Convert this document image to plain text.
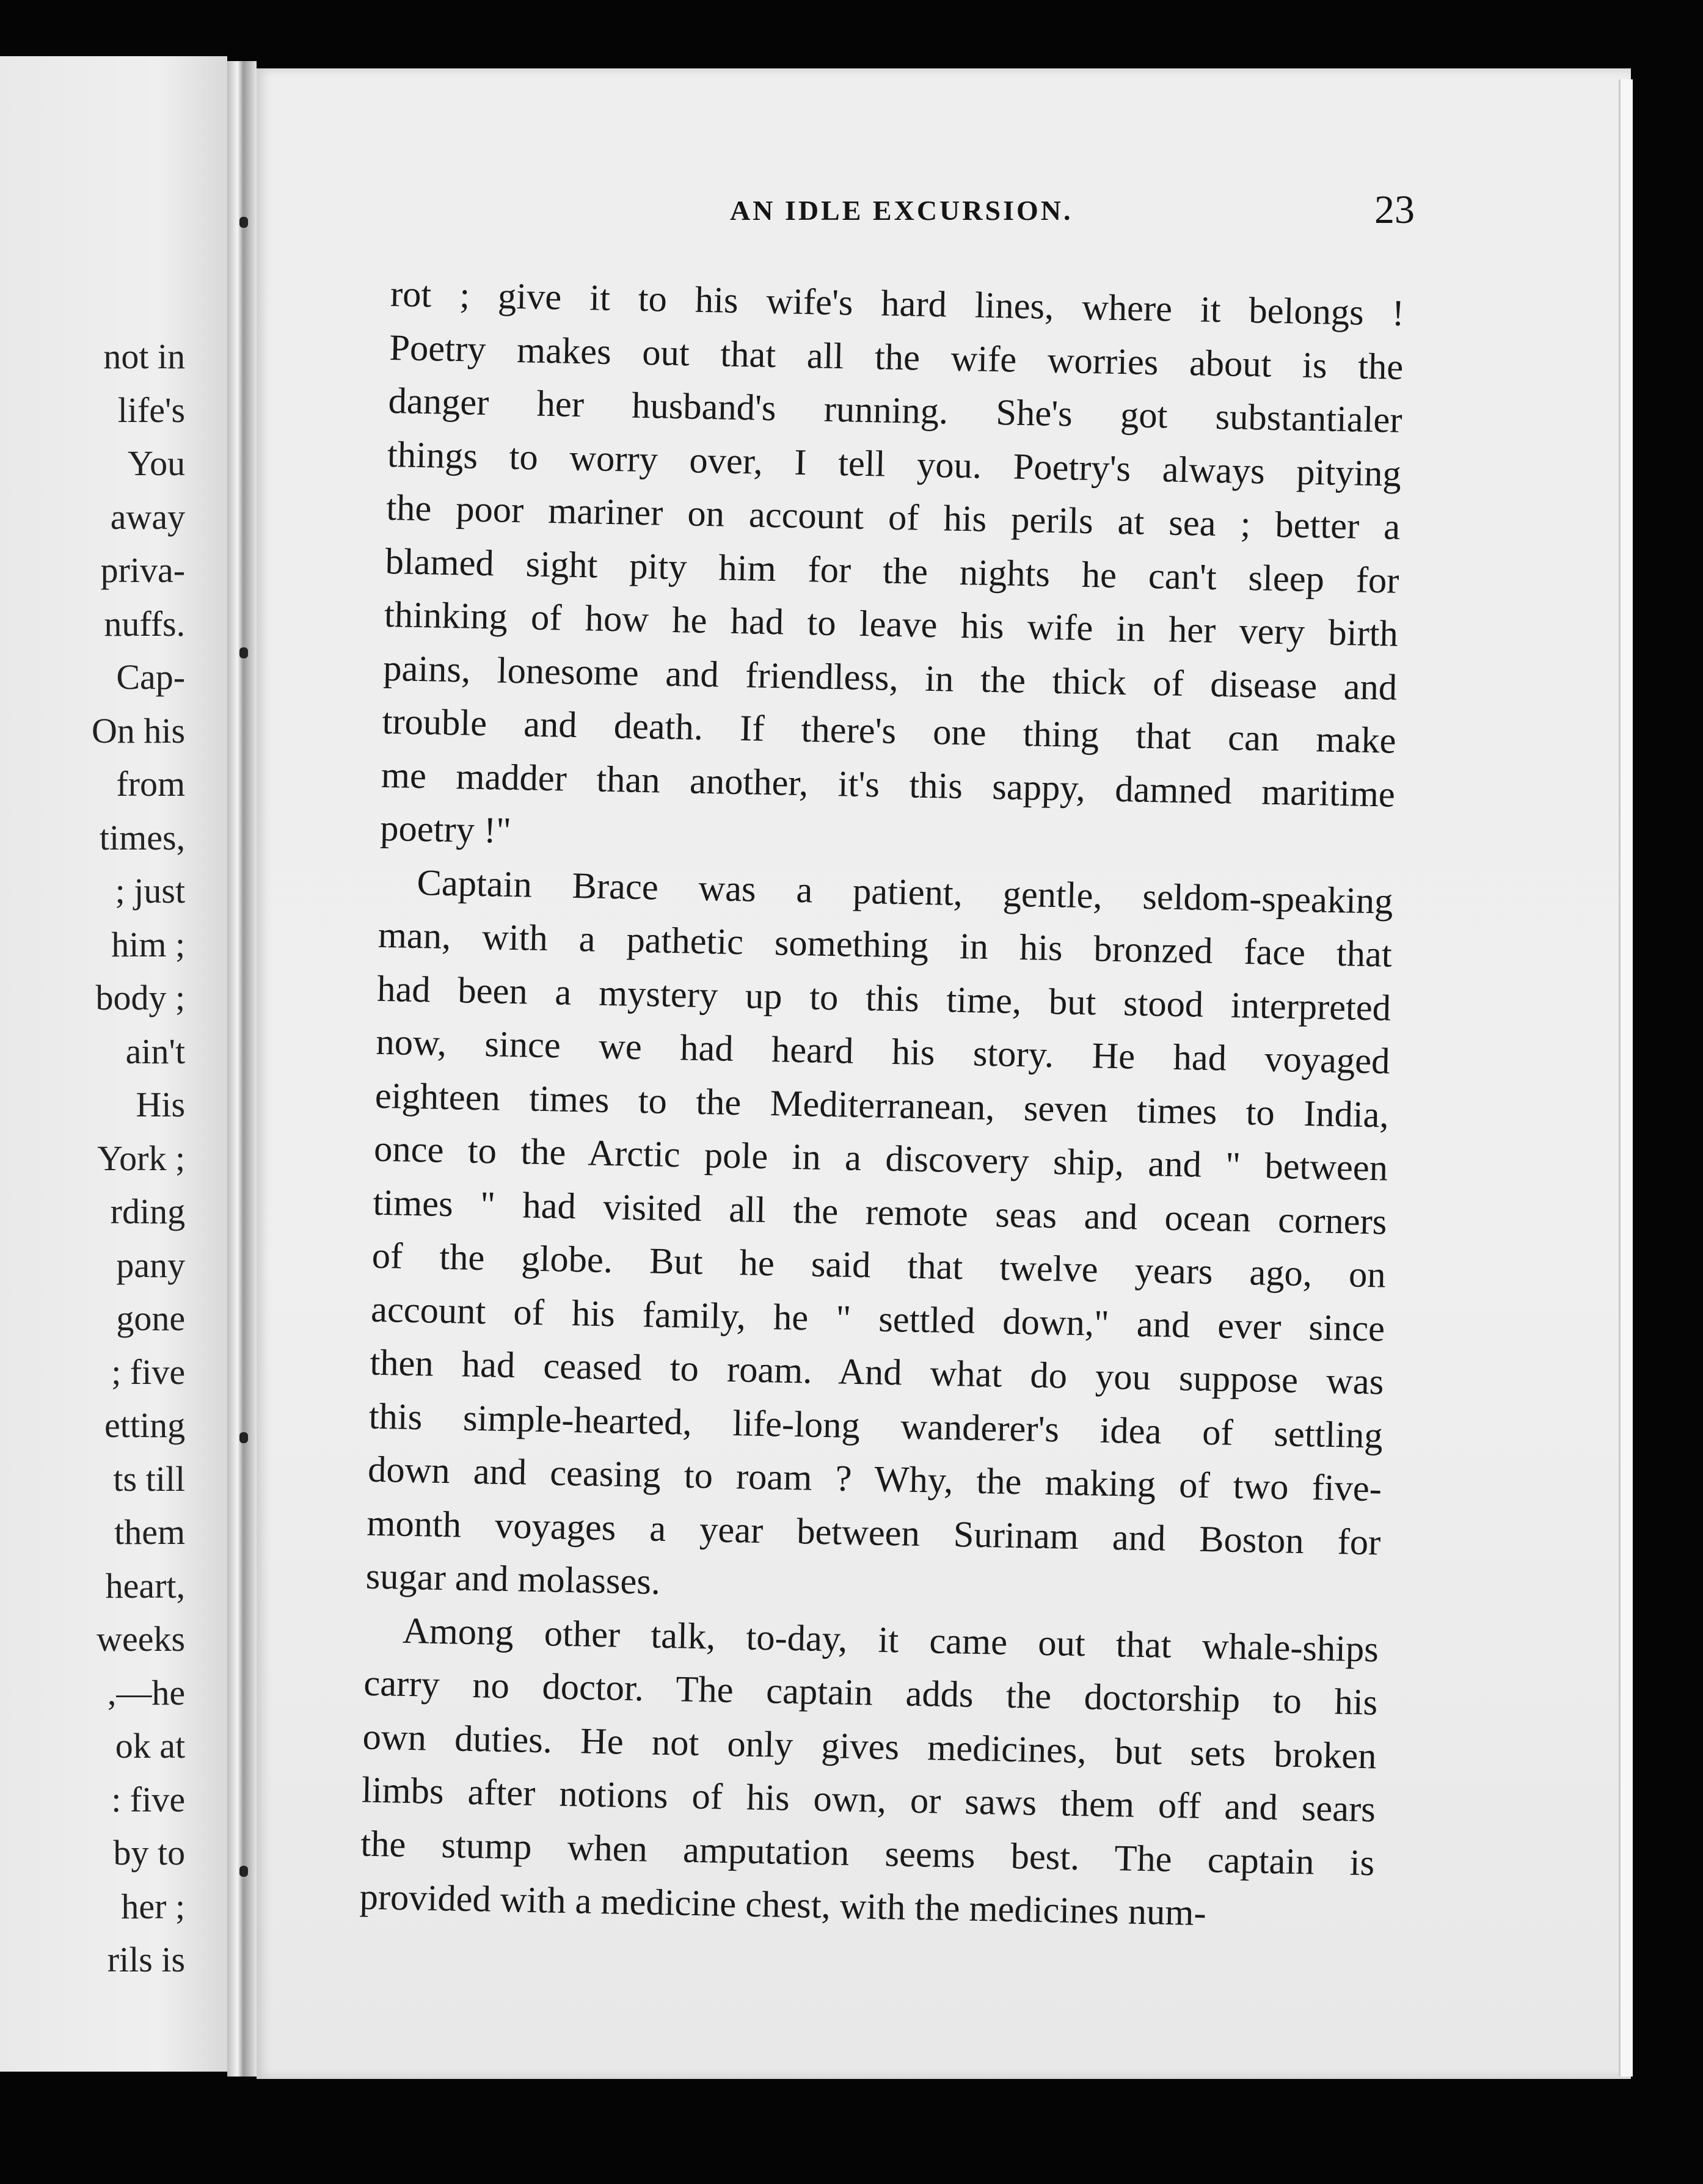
not in
life's
You
away
priva-
nuffs.
Cap-
On his
from
times,
; just
him ;
body ;
ain't
His
York ;
rding
pany
gone
; five
etting
ts till
them
heart,
weeks
,—he
ok at
: five
by to
her ;
rils is
AN IDLE EXCURSION.	23
rot ; give it to his wife's hard lines, where it belongs !
Poetry makes out that all the wife worries about is the
danger her husband's running. She's got substantialer
things to worry over, I tell you. Poetry's always pitying
the poor mariner on account of his perils at sea ; better a
blamed sight pity him for the nights he can't sleep for
thinking of how he had to leave his wife in her very birth
pains, lonesome and friendless, in the thick of disease and
trouble and death. If there's one thing that can make
me madder than another, it's this sappy, damned maritime
poetry !"
Captain Brace was a patient, gentle, seldom-speaking
man, with a pathetic something in his bronzed face that
had been a mystery up to this time, but stood interpreted
now, since we had heard his story. He had voyaged
eighteen times to the Mediterranean, seven times to India,
once to the Arctic pole in a discovery ship, and " between
times " had visited all the remote seas and ocean corners
of the globe. But he said that twelve years ago, on
account of his family, he " settled down," and ever since
then had ceased to roam. And what do you suppose was
this simple-hearted, life-long wanderer's idea of settling
down and ceasing to roam ? Why, the making of two five-
month voyages a year between Surinam and Boston for
sugar and molasses.
Among other talk, to-day, it came out that whale-ships
carry no doctor. The captain adds the doctorship to his
own duties. He not only gives medicines, but sets broken
limbs after notions of his own, or saws them off and sears
the stump when amputation seems best. The captain is
provided with a medicine chest, with the medicines num-
